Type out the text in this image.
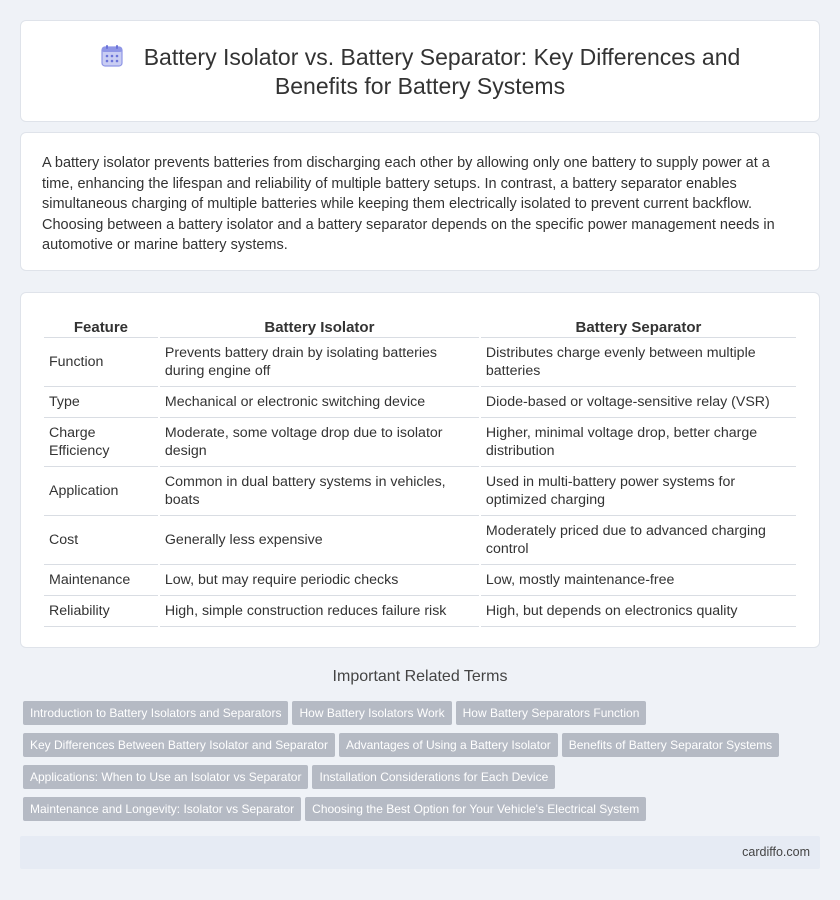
Battery Isolator vs. Battery Separator: Key Differences and Benefits for Battery Systems

A battery isolator prevents batteries from discharging each other by allowing only one battery to supply power at a time, enhancing the lifespan and reliability of multiple battery setups. In contrast, a battery separator enables simultaneous charging of multiple batteries while keeping them electrically isolated to prevent current backflow. Choosing between a battery isolator and a battery separator depends on the specific power management needs in automotive or marine battery systems.

Feature	Battery Isolator	Battery Separator
Function	Prevents battery drain by isolating batteries during engine off	Distributes charge evenly between multiple batteries
Type	Mechanical or electronic switching device	Diode-based or voltage-sensitive relay (VSR)
Charge Efficiency	Moderate, some voltage drop due to isolator design	Higher, minimal voltage drop, better charge distribution
Application	Common in dual battery systems in vehicles, boats	Used in multi-battery power systems for optimized charging
Cost	Generally less expensive	Moderately priced due to advanced charging control
Maintenance	Low, but may require periodic checks	Low, mostly maintenance-free
Reliability	High, simple construction reduces failure risk	High, but depends on electronics quality
Important Related Terms
Introduction to Battery Isolators and Separators How Battery Isolators Work How Battery Separators Function
Key Differences Between Battery Isolator and Separator Advantages of Using a Battery Isolator Benefits of Battery Separator Systems
Applications: When to Use an Isolator vs Separator Installation Considerations for Each Device
Maintenance and Longevity: Isolator vs Separator Choosing the Best Option for Your Vehicle's Electrical System
cardiffo.com
